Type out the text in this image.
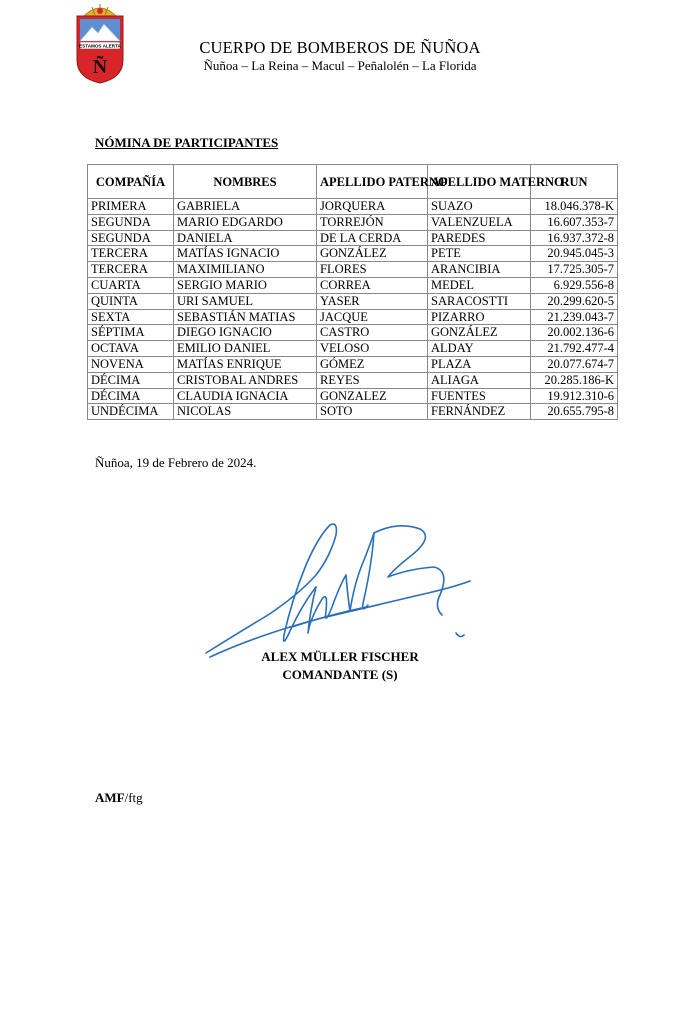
ESTAMOS ALERTA
Ñ
CUERPO DE BOMBEROS DE ÑUÑOA
Ñuñoa – La Reina – Macul – Peñalolén – La Florida
NÓMINA DE PARTICIPANTES
COMPAÑÍA	NOMBRES	APELLIDO PATERNO	APELLIDO MATERNO	RUN
PRIMERA	GABRIELA	JORQUERA	SUAZO	18.046.378-K
SEGUNDA	MARIO EDGARDO	TORREJÓN	VALENZUELA	16.607.353-7
SEGUNDA	DANIELA	DE LA CERDA	PAREDES	16.937.372-8
TERCERA	MATÍAS IGNACIO	GONZÁLEZ	PETE	20.945.045-3
TERCERA	MAXIMILIANO	FLORES	ARANCIBIA	17.725.305-7
CUARTA	SERGIO MARIO	CORREA	MEDEL	6.929.556-8
QUINTA	URI SAMUEL	YASER	SARACOSTTI	20.299.620-5
SEXTA	SEBASTIÁN MATIAS	JACQUE	PIZARRO	21.239.043-7
SÉPTIMA	DIEGO IGNACIO	CASTRO	GONZÁLEZ	20.002.136-6
OCTAVA	EMILIO DANIEL	VELOSO	ALDAY	21.792.477-4
NOVENA	MATÍAS ENRIQUE	GÓMEZ	PLAZA	20.077.674-7
DÉCIMA	CRISTOBAL ANDRES	REYES	ALIAGA	20.285.186-K
DÉCIMA	CLAUDIA IGNACIA	GONZALEZ	FUENTES	19.912.310-6
UNDÉCIMA	NICOLAS	SOTO	FERNÁNDEZ	20.655.795-8
Ñuñoa, 19 de Febrero de 2024.
ALEX MÜLLER FISCHER
COMANDANTE (S)
AMF/ftg
